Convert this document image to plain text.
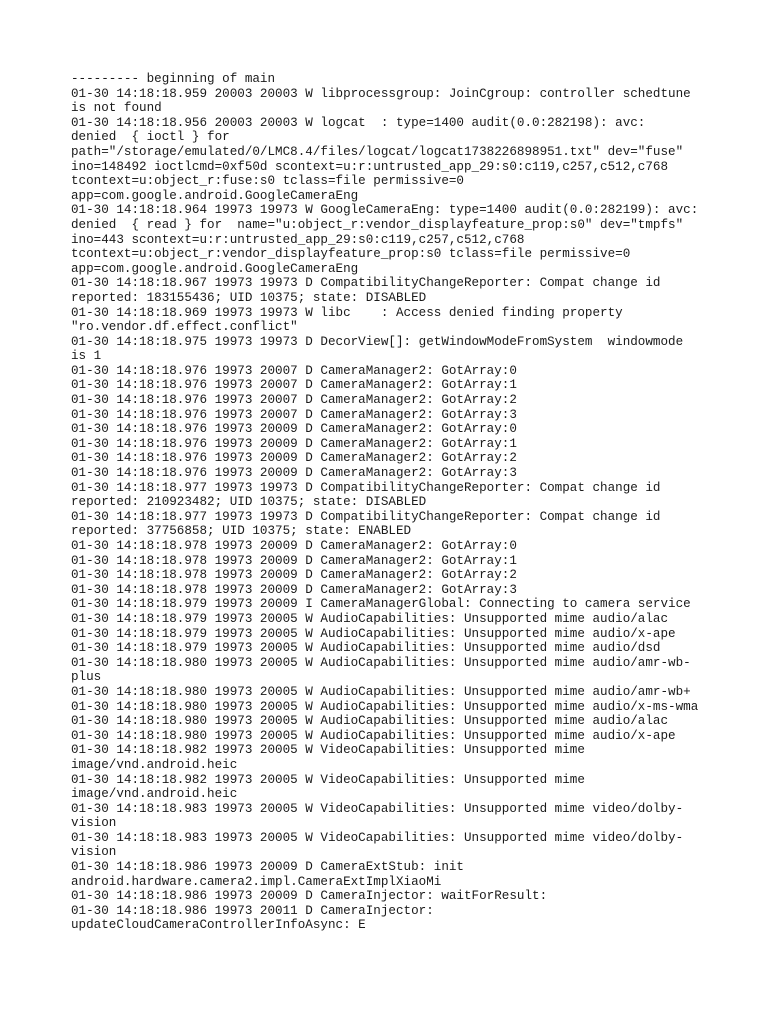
--------- beginning of main
01-30 14:18:18.959 20003 20003 W libprocessgroup: JoinCgroup: controller schedtune
is not found
01-30 14:18:18.956 20003 20003 W logcat  : type=1400 audit(0.0:282198): avc:
denied  { ioctl } for
path="/storage/emulated/0/LMC8.4/files/logcat/logcat1738226898951.txt" dev="fuse"
ino=148492 ioctlcmd=0xf50d scontext=u:r:untrusted_app_29:s0:c119,c257,c512,c768
tcontext=u:object_r:fuse:s0 tclass=file permissive=0
app=com.google.android.GoogleCameraEng
01-30 14:18:18.964 19973 19973 W GoogleCameraEng: type=1400 audit(0.0:282199): avc:
denied  { read } for  name="u:object_r:vendor_displayfeature_prop:s0" dev="tmpfs"
ino=443 scontext=u:r:untrusted_app_29:s0:c119,c257,c512,c768
tcontext=u:object_r:vendor_displayfeature_prop:s0 tclass=file permissive=0
app=com.google.android.GoogleCameraEng
01-30 14:18:18.967 19973 19973 D CompatibilityChangeReporter: Compat change id
reported: 183155436; UID 10375; state: DISABLED
01-30 14:18:18.969 19973 19973 W libc    : Access denied finding property
"ro.vendor.df.effect.conflict"
01-30 14:18:18.975 19973 19973 D DecorView[]: getWindowModeFromSystem  windowmode
is 1
01-30 14:18:18.976 19973 20007 D CameraManager2: GotArray:0
01-30 14:18:18.976 19973 20007 D CameraManager2: GotArray:1
01-30 14:18:18.976 19973 20007 D CameraManager2: GotArray:2
01-30 14:18:18.976 19973 20007 D CameraManager2: GotArray:3
01-30 14:18:18.976 19973 20009 D CameraManager2: GotArray:0
01-30 14:18:18.976 19973 20009 D CameraManager2: GotArray:1
01-30 14:18:18.976 19973 20009 D CameraManager2: GotArray:2
01-30 14:18:18.976 19973 20009 D CameraManager2: GotArray:3
01-30 14:18:18.977 19973 19973 D CompatibilityChangeReporter: Compat change id
reported: 210923482; UID 10375; state: DISABLED
01-30 14:18:18.977 19973 19973 D CompatibilityChangeReporter: Compat change id
reported: 37756858; UID 10375; state: ENABLED
01-30 14:18:18.978 19973 20009 D CameraManager2: GotArray:0
01-30 14:18:18.978 19973 20009 D CameraManager2: GotArray:1
01-30 14:18:18.978 19973 20009 D CameraManager2: GotArray:2
01-30 14:18:18.978 19973 20009 D CameraManager2: GotArray:3
01-30 14:18:18.979 19973 20009 I CameraManagerGlobal: Connecting to camera service
01-30 14:18:18.979 19973 20005 W AudioCapabilities: Unsupported mime audio/alac
01-30 14:18:18.979 19973 20005 W AudioCapabilities: Unsupported mime audio/x-ape
01-30 14:18:18.979 19973 20005 W AudioCapabilities: Unsupported mime audio/dsd
01-30 14:18:18.980 19973 20005 W AudioCapabilities: Unsupported mime audio/amr-wb-
plus
01-30 14:18:18.980 19973 20005 W AudioCapabilities: Unsupported mime audio/amr-wb+
01-30 14:18:18.980 19973 20005 W AudioCapabilities: Unsupported mime audio/x-ms-wma
01-30 14:18:18.980 19973 20005 W AudioCapabilities: Unsupported mime audio/alac
01-30 14:18:18.980 19973 20005 W AudioCapabilities: Unsupported mime audio/x-ape
01-30 14:18:18.982 19973 20005 W VideoCapabilities: Unsupported mime
image/vnd.android.heic
01-30 14:18:18.982 19973 20005 W VideoCapabilities: Unsupported mime
image/vnd.android.heic
01-30 14:18:18.983 19973 20005 W VideoCapabilities: Unsupported mime video/dolby-
vision
01-30 14:18:18.983 19973 20005 W VideoCapabilities: Unsupported mime video/dolby-
vision
01-30 14:18:18.986 19973 20009 D CameraExtStub: init
android.hardware.camera2.impl.CameraExtImplXiaoMi
01-30 14:18:18.986 19973 20009 D CameraInjector: waitForResult:
01-30 14:18:18.986 19973 20011 D CameraInjector:
updateCloudCameraControllerInfoAsync: E
